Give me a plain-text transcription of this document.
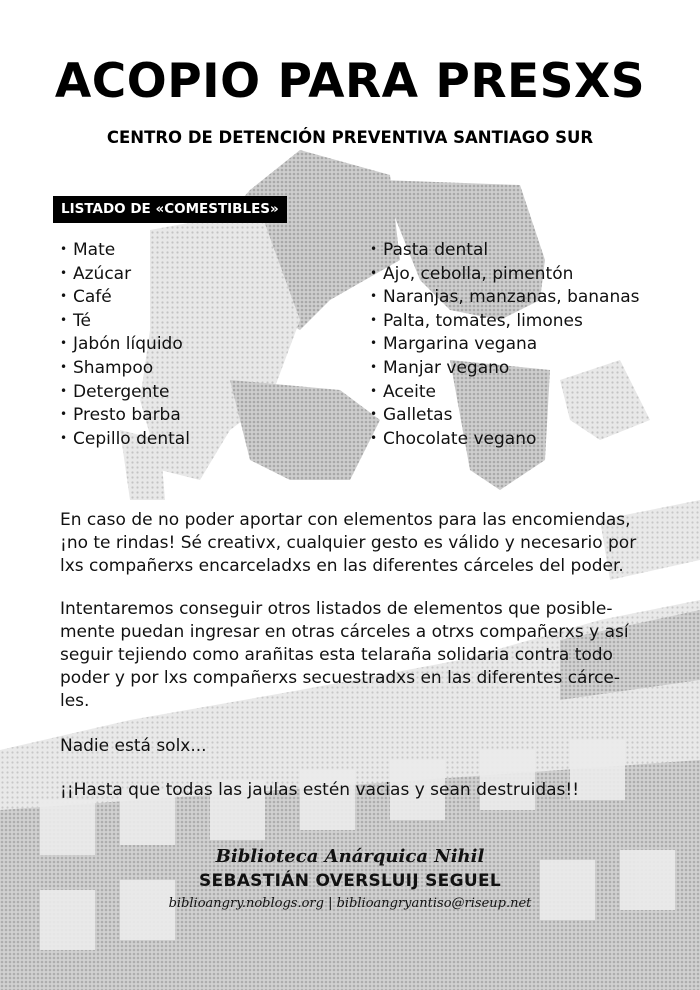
ACOPIO PARA PRESXS
CENTRO DE DETENCIÓN PREVENTIVA SANTIAGO SUR
LISTADO DE «COMESTIBLES»
• Mate
• Azúcar
• Café
• Té
• Jabón líquido
• Shampoo
• Detergente
• Presto barba
• Cepillo dental
• Pasta dental
• Ajo, cebolla, pimentón
• Naranjas, manzanas, bananas
• Palta, tomates, limones
• Margarina vegana
• Manjar vegano
• Aceite
• Galletas
• Chocolate vegano

En caso de no poder aportar con elementos para las encomiendas, ¡no te rindas! Sé creativx, cualquier gesto es válido y necesario por lxs compañerxs encarceladxs en las diferentes cárceles del poder.

Intentaremos conseguir otros listados de elementos que posible-mente puedan ingresar en otras cárceles a otrxs compañerxs y así seguir tejiendo como arañitas esta telaraña solidaria contra todo poder y por lxs compañerxs secuestradxs en las diferentes cárce-les.

Nadie está solx...

¡¡Hasta que todas las jaulas estén vacias y sean destruidas!!

Biblioteca Anárquica Nihil
SEBASTIÁN OVERSLUIJ SEGUEL
biblioangry.noblogs.org | biblioangryantiso@riseup.net
